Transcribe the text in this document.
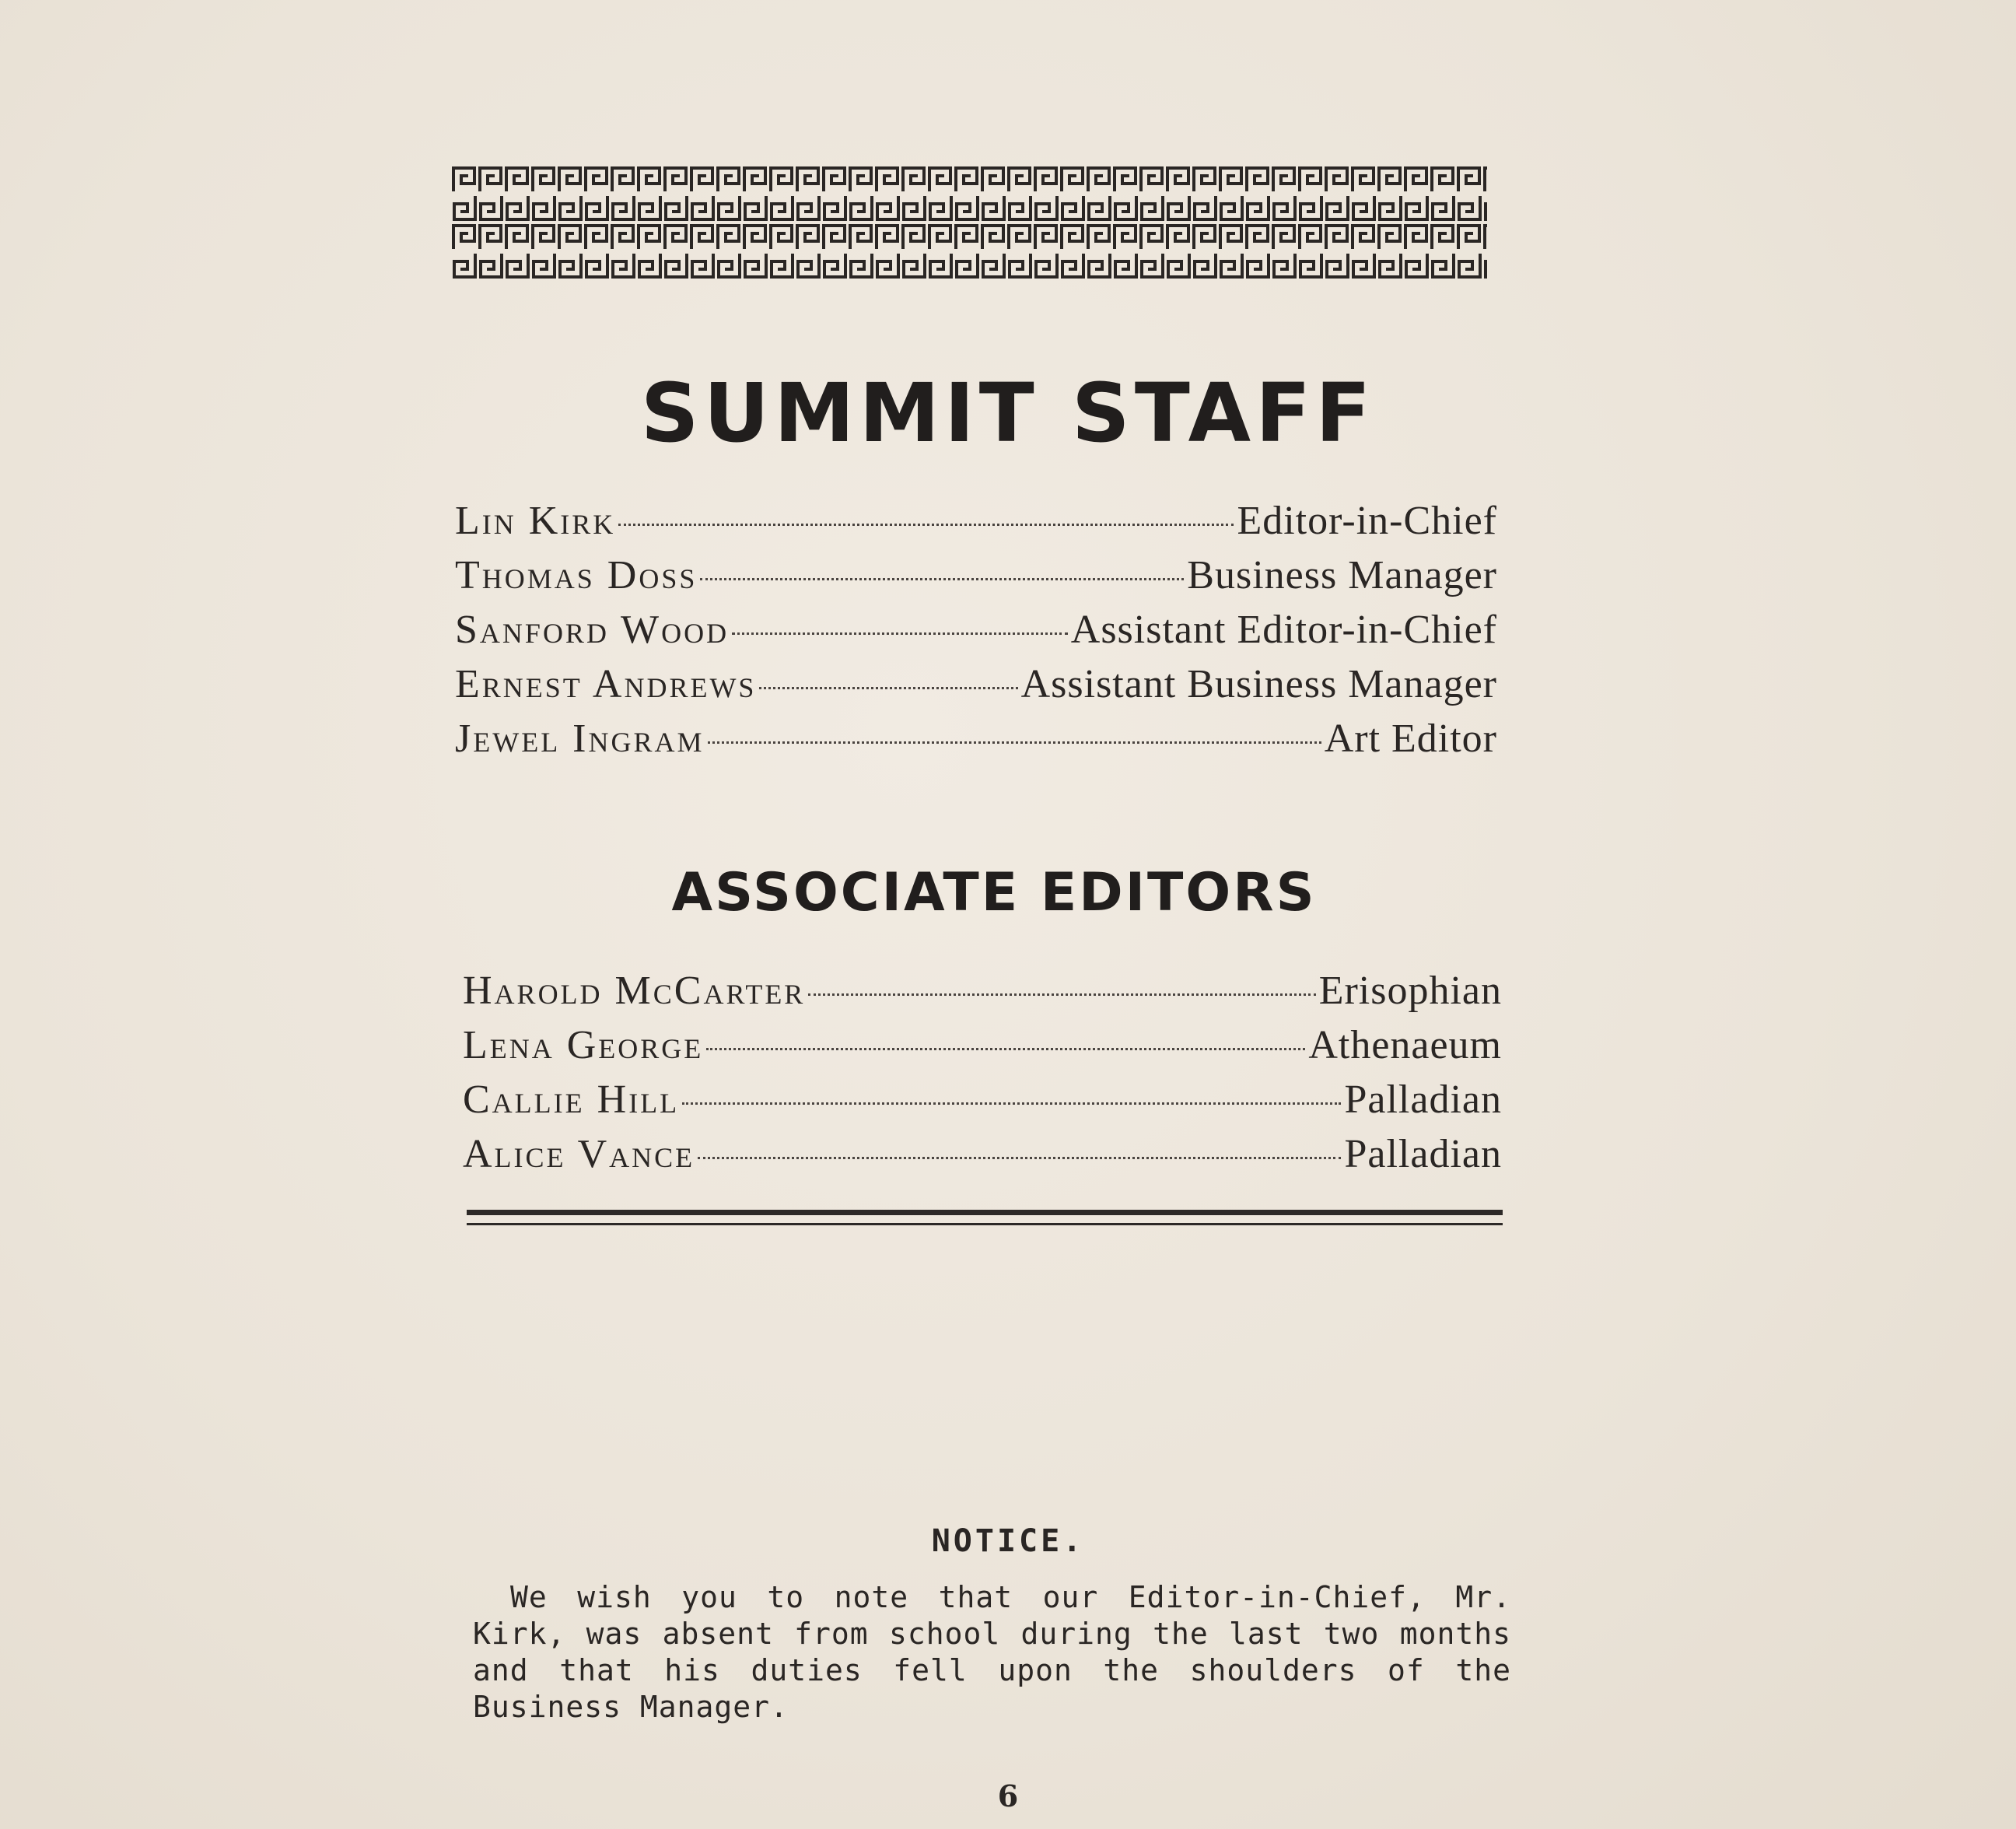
SUMMIT STAFF
Lin Kirk	Editor-in-Chief
Thomas Doss	Business Manager
Sanford Wood	Assistant Editor-in-Chief
Ernest Andrews	Assistant Business Manager
Jewel Ingram	Art Editor
ASSOCIATE EDITORS
Harold McCarter	Erisophian
Lena George	Athenaeum
Callie Hill	Palladian
Alice Vance	Palladian
NOTICE.

We wish you to note that our Editor-in-Chief, Mr. Kirk, was absent from school during the last two months and that his duties fell upon the shoulders of the Business Manager.

6
